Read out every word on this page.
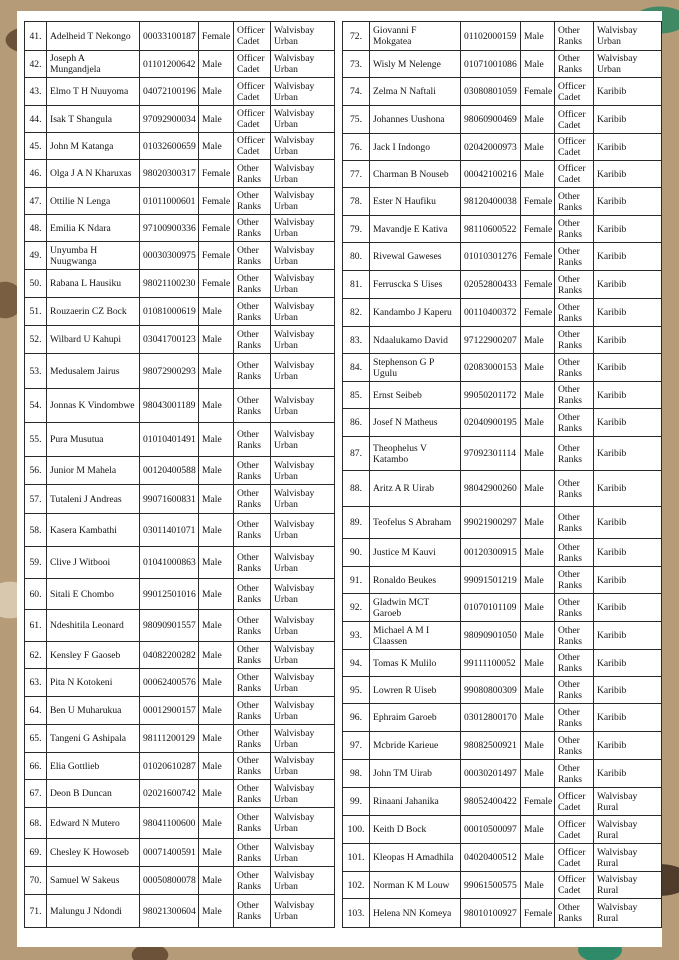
41.	Adelheid T Nekongo	00033100187	Female	Officer Cadet	Walvisbay Urban
42.	Joseph A Mungandjela	01101200642	Male	Officer Cadet	Walvisbay Urban
43.	Elmo T H Nuuyoma	04072100196	Male	Officer Cadet	Walvisbay Urban
44.	Isak T Shangula	97092900034	Male	Officer Cadet	Walvisbay Urban
45.	John M Katanga	01032600659	Male	Officer Cadet	Walvisbay Urban
46.	Olga J A N Kharuxas	98020300317	Female	Other Ranks	Walvisbay Urban
47.	Ottilie N Lenga	01011000601	Female	Other Ranks	Walvisbay Urban
48.	Emilia K Ndara	97100900336	Female	Other Ranks	Walvisbay Urban
49.	Unyumba H Nuugwanga	00030300975	Female	Other Ranks	Walvisbay Urban
50.	Rabana L Hausiku	98021100230	Female	Other Ranks	Walvisbay Urban
51.	Rouzaerin CZ Bock	01081000619	Male	Other Ranks	Walvisbay Urban
52.	Wilbard U Kahupi	03041700123	Male	Other Ranks	Walvisbay Urban
53.	Medusalem Jairus	98072900293	Male	Other Ranks	Walvisbay Urban
54.	Jonnas K Vindombwe	98043001189	Male	Other Ranks	Walvisbay Urban
55.	Pura Musutua	01010401491	Male	Other Ranks	Walvisbay Urban
56.	Junior M Mahela	00120400588	Male	Other Ranks	Walvisbay Urban
57.	Tutaleni J Andreas	99071600831	Male	Other Ranks	Walvisbay Urban
58.	Kasera Kambathi	03011401071	Male	Other Ranks	Walvisbay Urban
59.	Clive J Witbooi	01041000863	Male	Other Ranks	Walvisbay Urban
60.	Sitali E Chombo	99012501016	Male	Other Ranks	Walvisbay Urban
61.	Ndeshitila Leonard	98090901557	Male	Other Ranks	Walvisbay Urban
62.	Kensley F Gaoseb	04082200282	Male	Other Ranks	Walvisbay Urban
63.	Pita N Kotokeni	00062400576	Male	Other Ranks	Walvisbay Urban
64.	Ben U Muharukua	00012900157	Male	Other Ranks	Walvisbay Urban
65.	Tangeni G Ashipala	98111200129	Male	Other Ranks	Walvisbay Urban
66.	Elia Gottlieb	01020610287	Male	Other Ranks	Walvisbay Urban
67.	Deon B Duncan	02021600742	Male	Other Ranks	Walvisbay Urban
68.	Edward N Mutero	98041100600	Male	Other Ranks	Walvisbay Urban
69.	Chesley K Howoseb	00071400591	Male	Other Ranks	Walvisbay Urban
70.	Samuel W Sakeus	00050800078	Male	Other Ranks	Walvisbay Urban
71.	Malungu J Ndondi	98021300604	Male	Other Ranks	Walvisbay Urban
72.	Giovanni F Mokgatea	01102000159	Male	Other Ranks	Walvisbay Urban
73.	Wisly M Nelenge	01071001086	Male	Other Ranks	Walvisbay Urban
74.	Zelma N Naftali	03080801059	Female	Officer Cadet	Karibib
75.	Johannes Uushona	98060900469	Male	Officer Cadet	Karibib
76.	Jack I Indongo	02042000973	Male	Officer Cadet	Karibib
77.	Charman B Nouseb	00042100216	Male	Officer Cadet	Karibib
78.	Ester N Haufiku	98120400038	Female	Other Ranks	Karibib
79.	Mavandje E Kativa	98110600522	Female	Other Ranks	Karibib
80.	Rivewal Gaweses	01010301276	Female	Other Ranks	Karibib
81.	Ferruscka S Uises	02052800433	Female	Other Ranks	Karibib
82.	Kandambo J Kaperu	00110400372	Female	Other Ranks	Karibib
83.	Ndaalukamo David	97122900207	Male	Other Ranks	Karibib
84.	Stephenson G P Ugulu	02083000153	Male	Other Ranks	Karibib
85.	Ernst Seibeb	99050201172	Male	Other Ranks	Karibib
86.	Josef N Matheus	02040900195	Male	Other Ranks	Karibib
87.	Theophelus V Katambo	97092301114	Male	Other Ranks	Karibib
88.	Aritz A R Uirab	98042900260	Male	Other Ranks	Karibib
89.	Teofelus S Abraham	99021900297	Male	Other Ranks	Karibib
90.	Justice M Kauvi	00120300915	Male	Other Ranks	Karibib
91.	Ronaldo Beukes	99091501219	Male	Other Ranks	Karibib
92.	Gladwin MCT Garoeb	01070101109	Male	Other Ranks	Karibib
93.	Michael A M I Claassen	98090901050	Male	Other Ranks	Karibib
94.	Tomas K Mulilo	99111100052	Male	Other Ranks	Karibib
95.	Lowren R Uiseb	99080800309	Male	Other Ranks	Karibib
96.	Ephraim Garoeb	03012800170	Male	Other Ranks	Karibib
97.	Mcbride Karieue	98082500921	Male	Other Ranks	Karibib
98.	John TM Uirab	00030201497	Male	Other Ranks	Karibib
99.	Rinaani Jahanika	98052400422	Female	Officer Cadet	Walvisbay Rural
100.	Keith D Bock	00010500097	Male	Officer Cadet	Walvisbay Rural
101.	Kleopas H Amadhila	04020400512	Male	Officer Cadet	Walvisbay Rural
102.	Norman K M Louw	99061500575	Male	Officer Cadet	Walvisbay Rural
103.	Helena NN Komeya	98010100927	Female	Other Ranks	Walvisbay Rural
